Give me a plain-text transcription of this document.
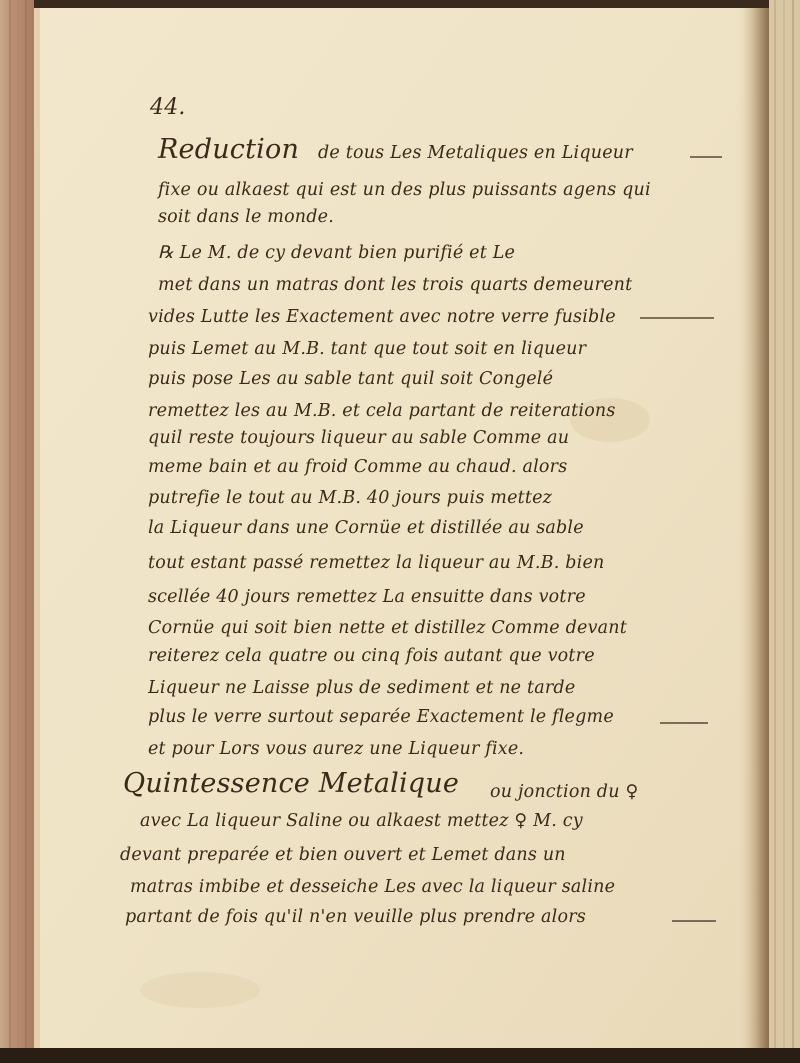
44.
Reduction de tous Les Metaliques en Liqueur
fixe ou alkaest qui est un des plus puissants agens qui
soit dans le monde.
℞ Le M. de cy devant bien purifié et Le
met dans un matras dont les trois quarts demeurent
vides Lutte les Exactement avec notre verre fusible
puis Lemet au M.B. tant que tout soit en liqueur
puis pose Les au sable tant quil soit Congelé
remettez les au M.B. et cela partant de reiterations
quil reste toujours liqueur au sable Comme au
meme bain et au froid Comme au chaud. alors
putrefie le tout au M.B. 40 jours puis mettez
la Liqueur dans une Cornüe et distillée au sable
tout estant passé remettez la liqueur au M.B. bien
scellée 40 jours remettez La ensuitte dans votre
Cornüe qui soit bien nette et distillez Comme devant
reiterez cela quatre ou cinq fois autant que votre
Liqueur ne Laisse plus de sediment et ne tarde
plus le verre surtout separée Exactement le flegme
et pour Lors vous aurez une Liqueur fixe.
Quintessence Metalique ou jonction du ♀
avec La liqueur Saline ou alkaest mettez ♀ M. cy
devant preparée et bien ouvert et Lemet dans un
matras imbibe et desseiche Les avec la liqueur saline
partant de fois qu'il n'en veuille plus prendre alors
